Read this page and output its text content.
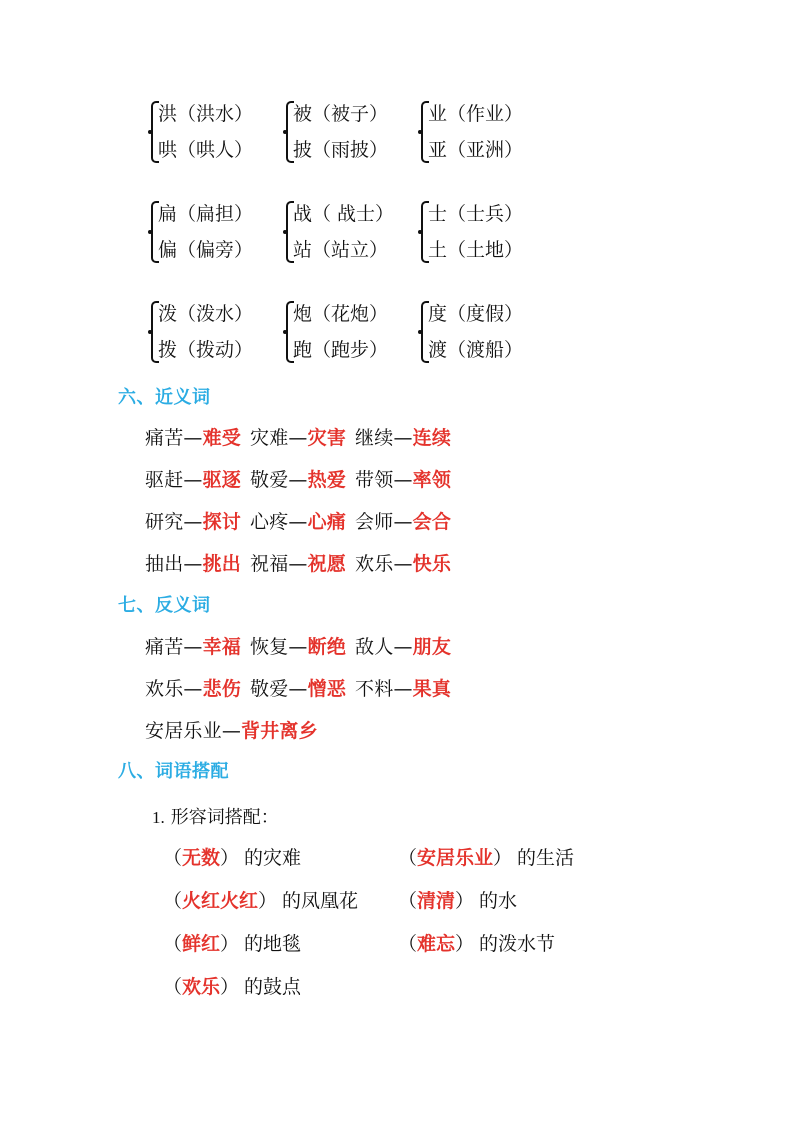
洪（洪水）
哄（哄人）
被（被子）
披（雨披）
业（作业）
亚（亚洲）
扁（扁担）
偏（偏旁）
战（ 战士）
站（站立）
士（士兵）
土（土地）
泼（泼水）
拨（拨动）
炮（花炮）
跑（跑步）
度（度假）
渡（渡船）
六、近义词
痛苦—难受 灾难—灾害 继续—连续
驱赶—驱逐 敬爱—热爱 带领—率领
研究—探讨 心疼—心痛 会师—会合
抽出—挑出 祝福—祝愿 欢乐—快乐
七、反义词
痛苦—幸福 恢复—断绝 敌人—朋友
欢乐—悲伤 敬爱—憎恶 不料—果真
安居乐业—背井离乡
八、词语搭配
1. 形容词搭配：
（无数） 的灾难	（安居乐业） 的生活
（火红火红） 的凤凰花 （清清） 的水
（鲜红） 的地毯	（难忘） 的泼水节
（欢乐） 的鼓点
